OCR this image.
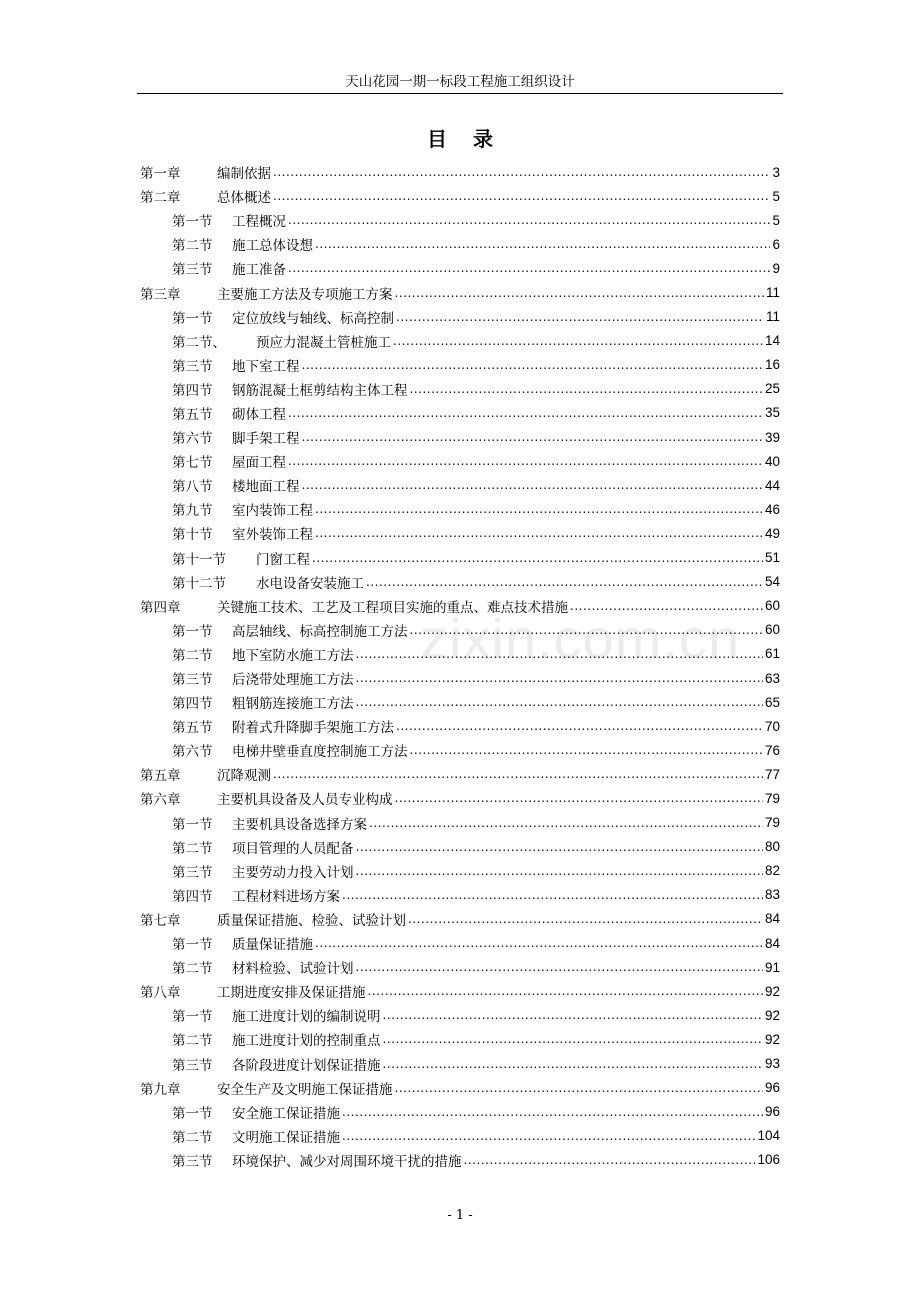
天山花园一期一标段工程施工组织设计
目录
zixin.com.cn
第一章	编制依据 .....	3
第二章	总体概述 .....	5
第一节	工程概况 .....	5
第二节	施工总体设想 .....	6
第三节	施工准备 .....	9
第三章	主要施工方法及专项施工方案 .....	11
第一节	定位放线与轴线、标高控制 .....	11
第二节、	预应力混凝土管桩施工 .....	14
第三节	地下室工程 .....	16
第四节	钢筋混凝土框剪结构主体工程 .....	25
第五节	砌体工程 .....	35
第六节	脚手架工程 .....	39
第七节	屋面工程 .....	40
第八节	楼地面工程 .....	44
第九节	室内装饰工程 .....	46
第十节	室外装饰工程 .....	49
第十一节	门窗工程 .....	51
第十二节	水电设备安装施工 .....	54
第四章	关键施工技术、工艺及工程项目实施的重点、难点技术措施 .....	60
第一节	高层轴线、标高控制施工方法 .....	60
第二节	地下室防水施工方法 .....	61
第三节	后浇带处理施工方法 .....	63
第四节	粗钢筋连接施工方法 .....	65
第五节	附着式升降脚手架施工方法 .....	70
第六节	电梯井壁垂直度控制施工方法 .....	76
第五章	沉降观测 .....	77
第六章	主要机具设备及人员专业构成 .....	79
第一节	主要机具设备选择方案 .....	79
第二节	项目管理的人员配备 .....	80
第三节	主要劳动力投入计划 .....	82
第四节	工程材料进场方案 .....	83
第七章	质量保证措施、检验、试验计划 .....	84
第一节	质量保证措施 .....	84
第二节	材料检验、试验计划 .....	91
第八章	工期进度安排及保证措施 .....	92
第一节	施工进度计划的编制说明 .....	92
第二节	施工进度计划的控制重点 .....	92
第三节	各阶段进度计划保证措施 .....	93
第九章	安全生产及文明施工保证措施 .....	96
第一节	安全施工保证措施 .....	96
第二节	文明施工保证措施 .....	104
第三节	环境保护、减少对周围环境干扰的措施 .....	106
- 1 -
